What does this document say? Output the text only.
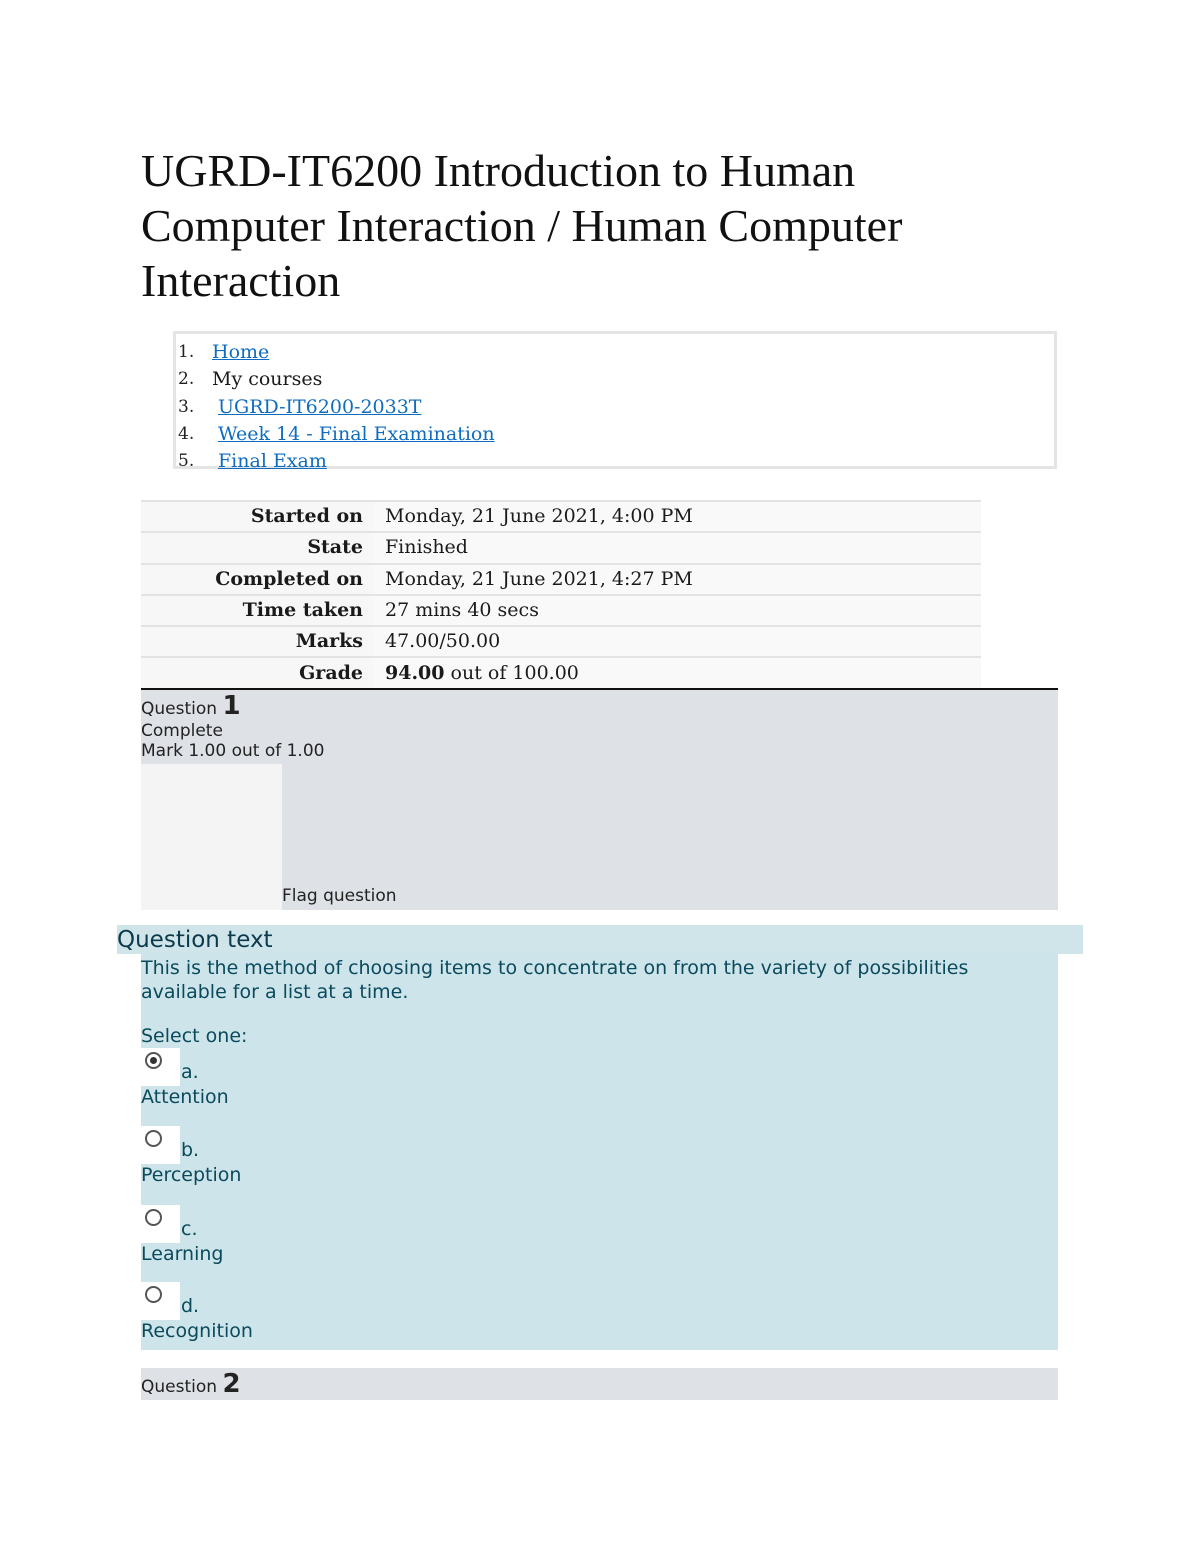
UGRD-IT6200 Introduction to Human Computer Interaction / Human Computer Interaction
1. Home
2. My courses
3. UGRD-IT6200-2033T
4. Week 14 - Final Examination
5. Final Exam
Started on	Monday, 21 June 2021, 4:00 PM
State	Finished
Completed on	Monday, 21 June 2021, 4:27 PM
Time taken	27 mins 40 secs
Marks	47.00/50.00
Grade	94.00 out of 100.00
Question 1
Complete
Mark 1.00 out of 1.00
Flag question
Question text

This is the method of choosing items to concentrate on from the variety of possibilities available for a list at a time.

Select one:
a.
Attention
b.
Perception
c.
Learning
d.
Recognition
Question 2
